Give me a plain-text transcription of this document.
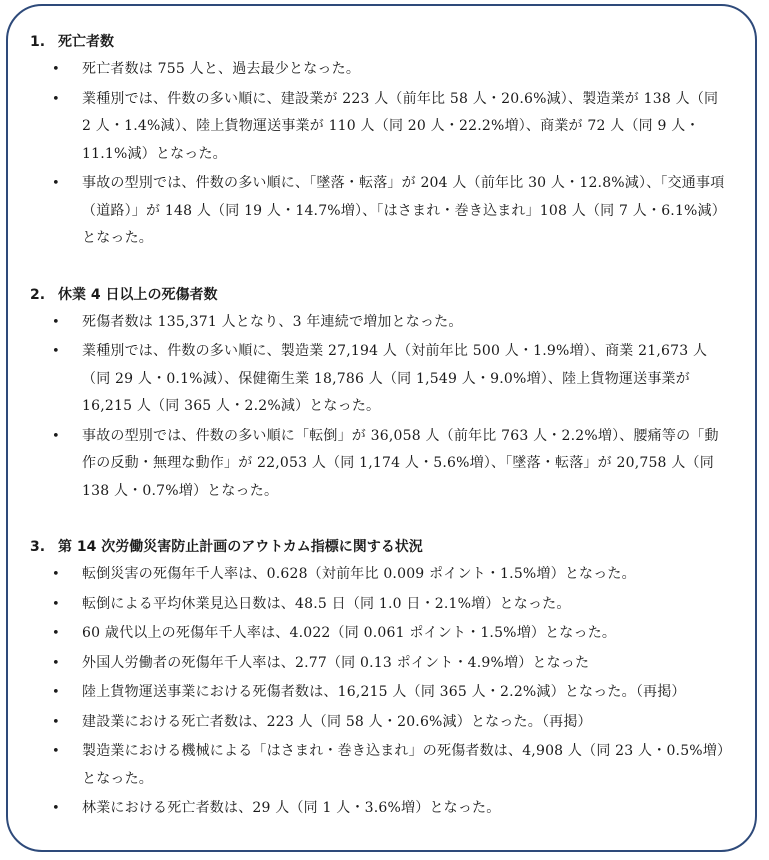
1. 死亡者数
• 死亡者数は 755 人と、過去最少となった。
• 業種別では、件数の多い順に、建設業が 223 人（前年比 58 人・20.6%減）、製造業が 138 人（同 2 人・1.4%減）、陸上貨物運送事業が 110 人（同 20 人・22.2%増）、商業が 72 人（同 9 人・11.1%減）となった。
• 事故の型別では、件数の多い順に、「墜落・転落」が 204 人（前年比 30 人・12.8%減）、「交通事項（道路）」が 148 人（同 19 人・14.7%増）、「はさまれ・巻き込まれ」108 人（同 7 人・6.1%減）となった。
2. 休業 4 日以上の死傷者数
• 死傷者数は 135,371 人となり、3 年連続で増加となった。
• 業種別では、件数の多い順に、製造業 27,194 人（対前年比 500 人・1.9%増）、商業 21,673 人（同 29 人・0.1%減）、保健衛生業 18,786 人（同 1,549 人・9.0%増）、陸上貨物運送事業が 16,215 人（同 365 人・2.2%減）となった。
• 事故の型別では、件数の多い順に「転倒」が 36,058 人（前年比 763 人・2.2%増）、腰痛等の「動作の反動・無理な動作」が 22,053 人（同 1,174 人・5.6%増）、「墜落・転落」が 20,758 人（同 138 人・0.7%増）となった。
3. 第 14 次労働災害防止計画のアウトカム指標に関する状況
• 転倒災害の死傷年千人率は、0.628（対前年比 0.009 ポイント・1.5%増）となった。
• 転倒による平均休業見込日数は、48.5 日（同 1.0 日・2.1%増）となった。
• 60 歳代以上の死傷年千人率は、4.022（同 0.061 ポイント・1.5%増）となった。
• 外国人労働者の死傷年千人率は、2.77（同 0.13 ポイント・4.9%増）となった
• 陸上貨物運送事業における死傷者数は、16,215 人（同 365 人・2.2%減）となった。（再掲）
• 建設業における死亡者数は、223 人（同 58 人・20.6%減）となった。（再掲）
• 製造業における機械による「はさまれ・巻き込まれ」の死傷者数は、4,908 人（同 23 人・0.5%増）となった。
• 林業における死亡者数は、29 人（同 1 人・3.6%増）となった。
